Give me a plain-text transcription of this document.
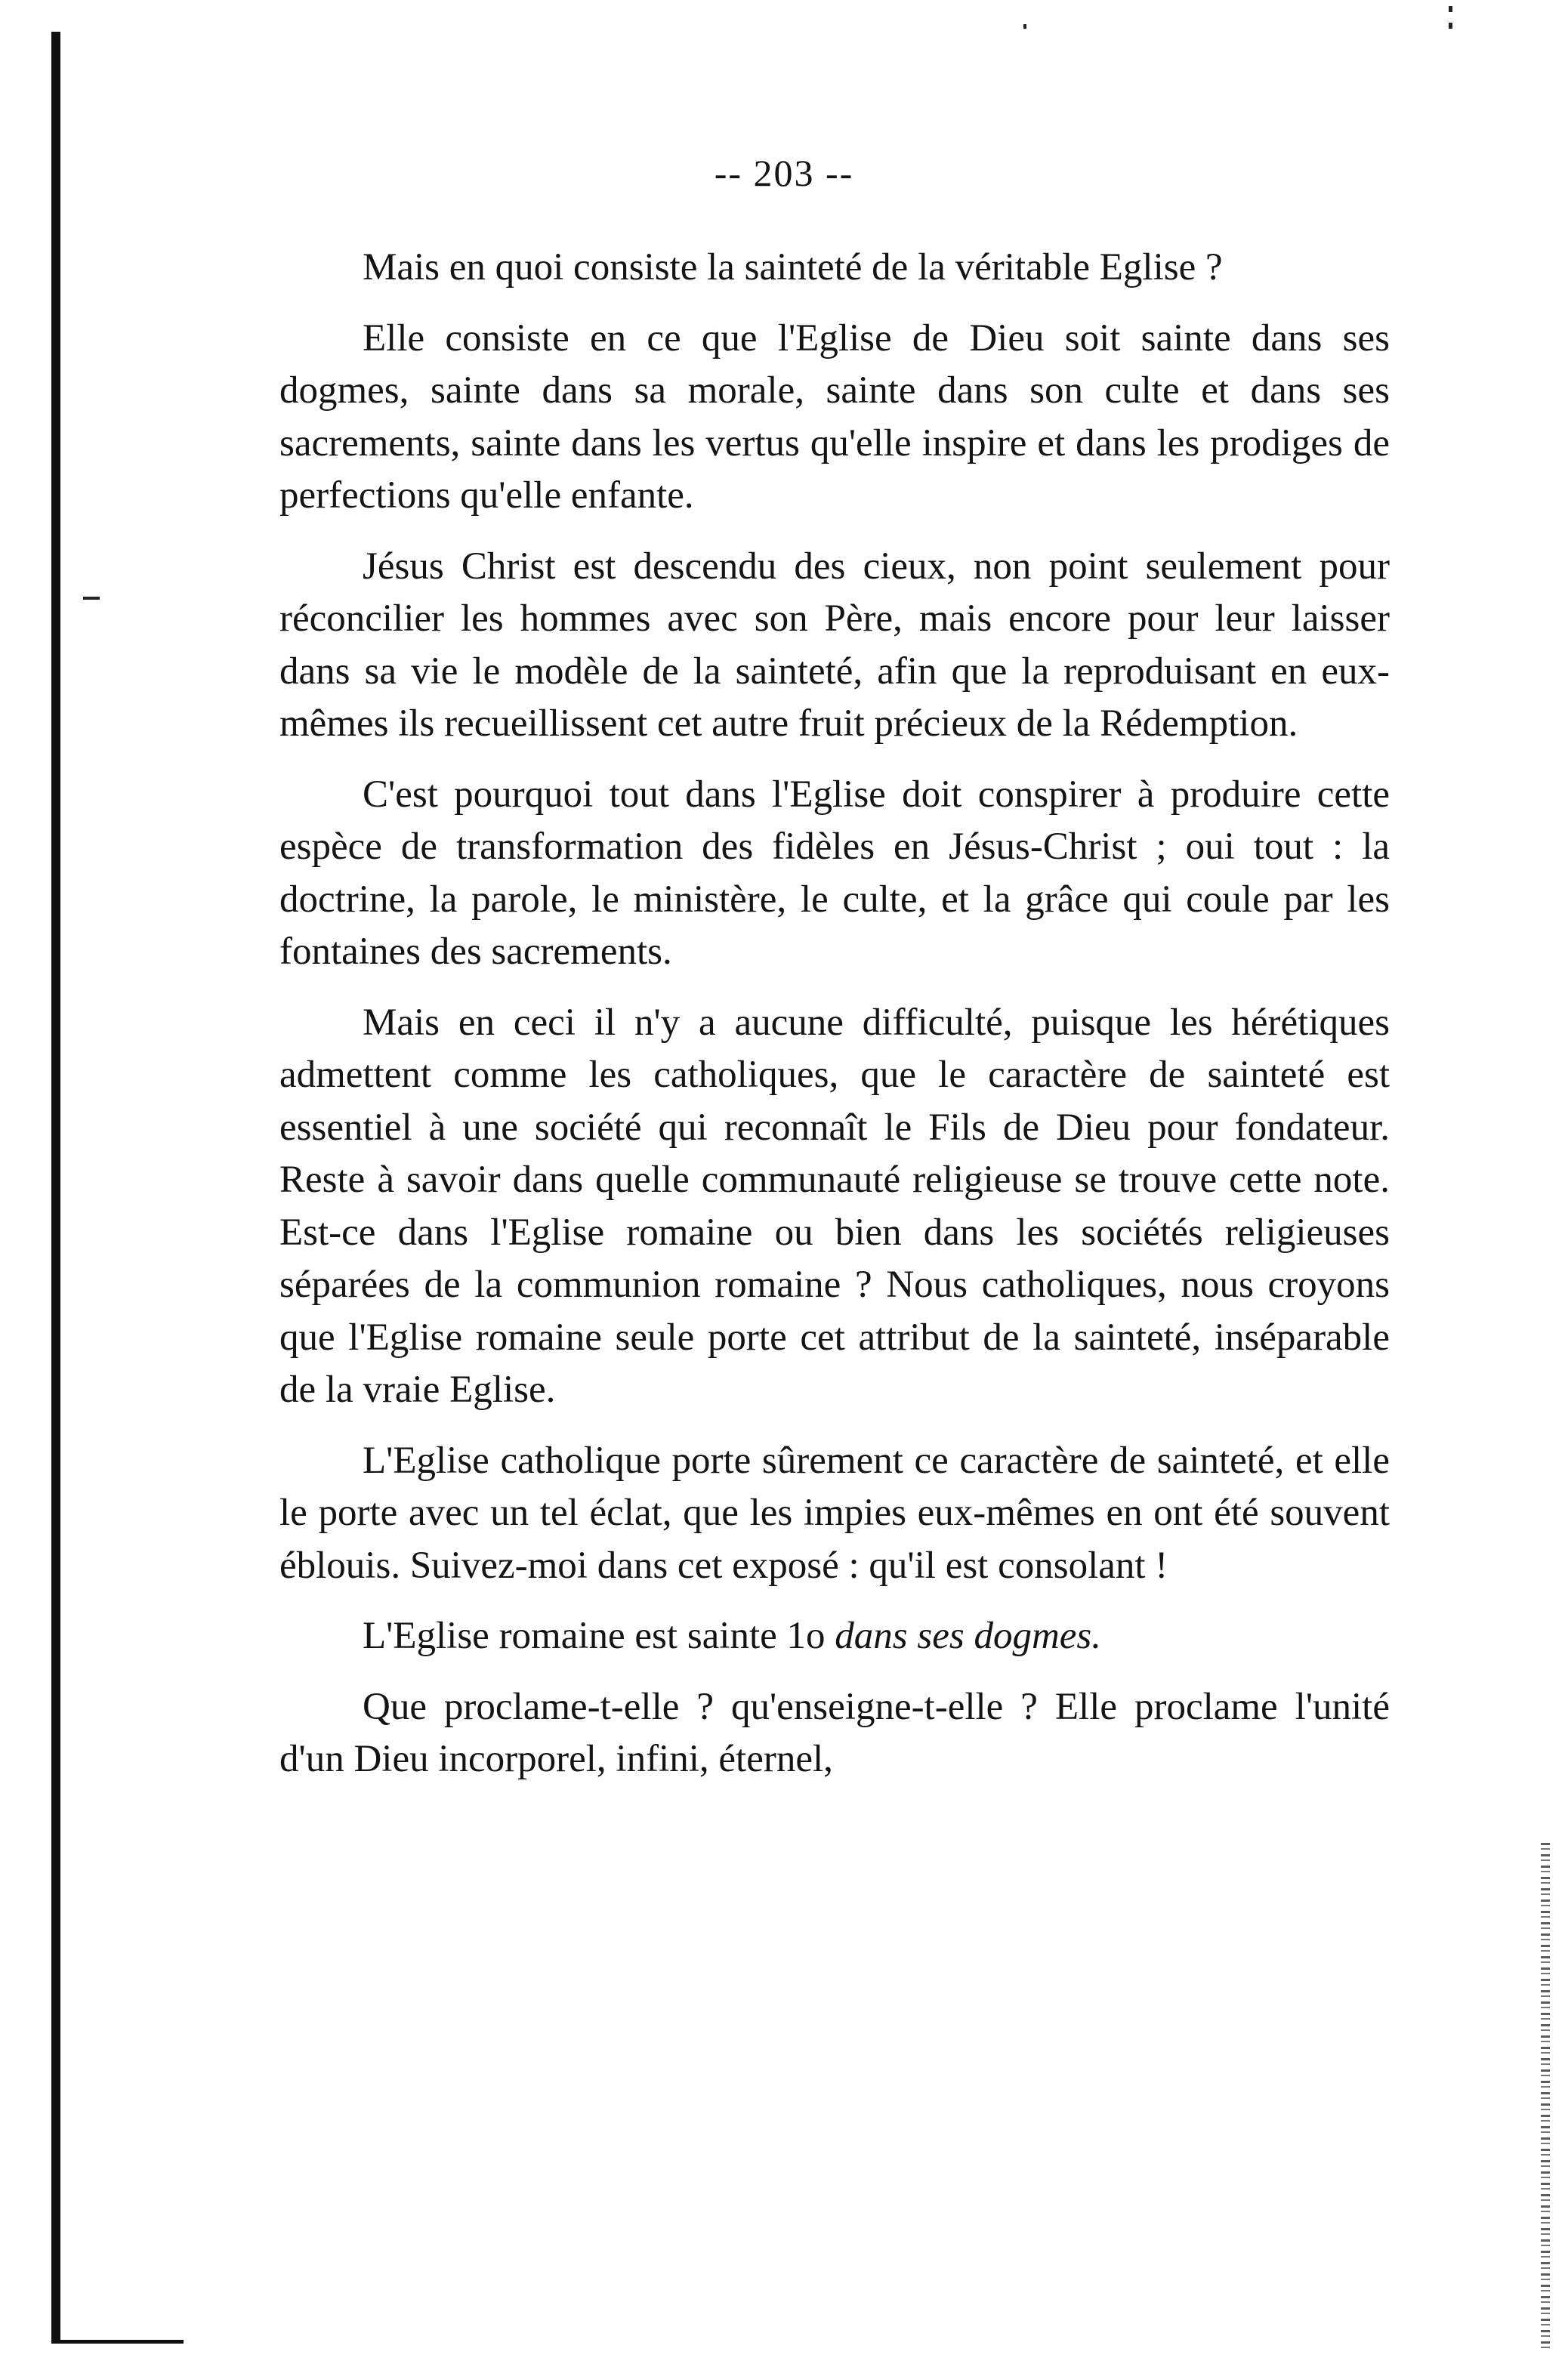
-- 203 --

Mais en quoi consiste la sainteté de la véritable Eglise ?

Elle consiste en ce que l'Eglise de Dieu soit sainte dans ses dogmes, sainte dans sa morale, sainte dans son culte et dans ses sacrements, sainte dans les vertus qu'elle inspire et dans les prodiges de perfections qu'elle enfante.

Jésus Christ est descendu des cieux, non point seulement pour réconcilier les hommes avec son Père, mais encore pour leur laisser dans sa vie le modèle de la sainteté, afin que la reproduisant en eux-mêmes ils recueillissent cet autre fruit précieux de la Rédemption.

C'est pourquoi tout dans l'Eglise doit conspirer à produire cette espèce de transformation des fidèles en Jésus-Christ ; oui tout : la doctrine, la parole, le ministère, le culte, et la grâce qui coule par les fontaines des sacrements.

Mais en ceci il n'y a aucune difficulté, puisque les hérétiques admettent comme les catholiques, que le caractère de sainteté est essentiel à une société qui reconnaît le Fils de Dieu pour fondateur. Reste à savoir dans quelle communauté religieuse se trouve cette note. Est-ce dans l'Eglise romaine ou bien dans les sociétés religieuses séparées de la communion romaine ? Nous catholiques, nous croyons que l'Eglise romaine seule porte cet attribut de la sainteté, inséparable de la vraie Eglise.

L'Eglise catholique porte sûrement ce caractère de sainteté, et elle le porte avec un tel éclat, que les impies eux-mêmes en ont été souvent éblouis. Suivez-moi dans cet exposé : qu'il est consolant !

L'Eglise romaine est sainte 1o dans ses dogmes.

Que proclame-t-elle ? qu'enseigne-t-elle ? Elle proclame l'unité d'un Dieu incorporel, infini, éternel,
